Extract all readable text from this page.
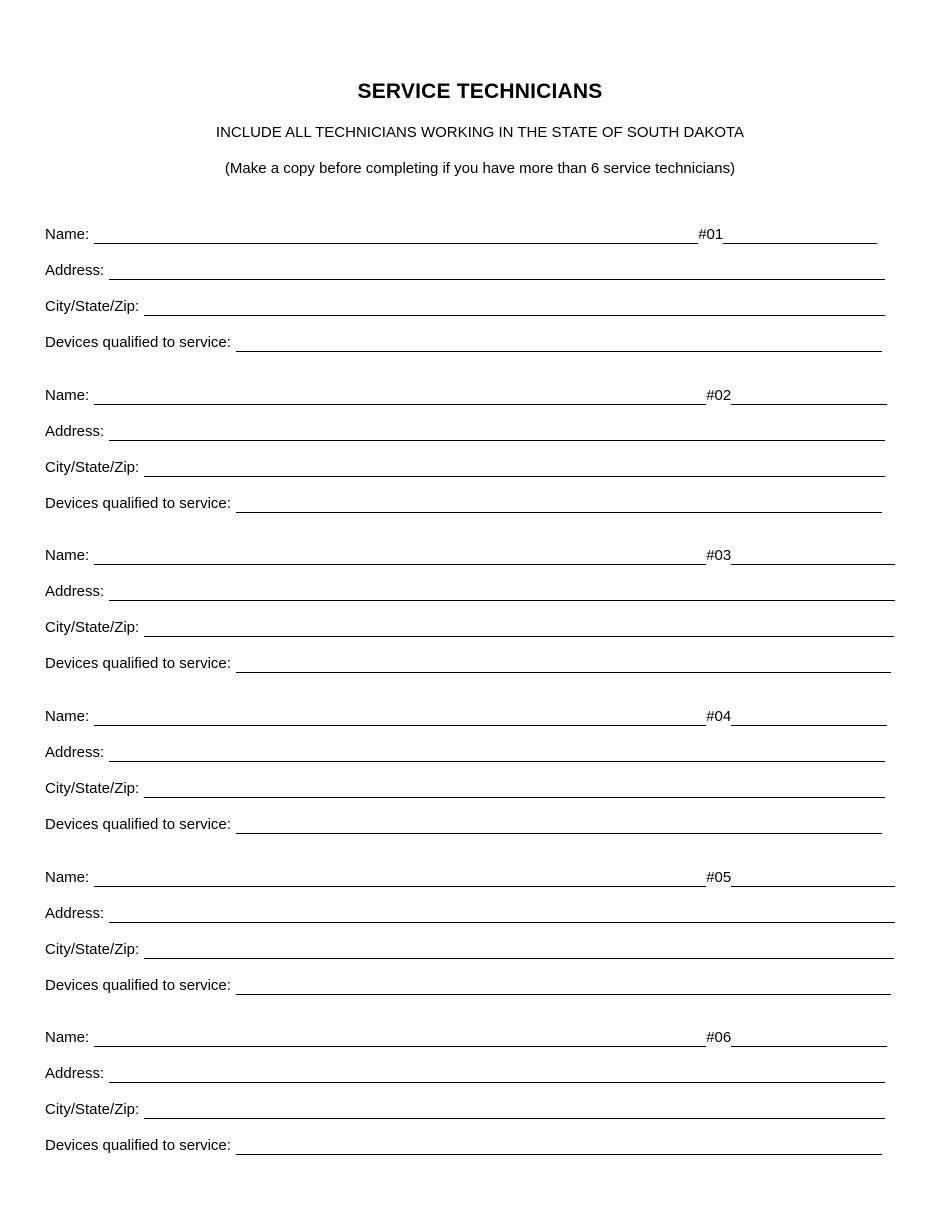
SERVICE TECHNICIANS
INCLUDE ALL TECHNICIANS WORKING IN THE STATE OF SOUTH DAKOTA
(Make a copy before completing if you have more than 6 service technicians)
Name:	#01
Address:
City/State/Zip:
Devices qualified to service:
Name:	#02
Address:
City/State/Zip:
Devices qualified to service:
Name:	#03
Address:
City/State/Zip:
Devices qualified to service:
Name:	#04
Address:
City/State/Zip:
Devices qualified to service:
Name:	#05
Address:
City/State/Zip:
Devices qualified to service:
Name:	#06
Address:
City/State/Zip:
Devices qualified to service:
